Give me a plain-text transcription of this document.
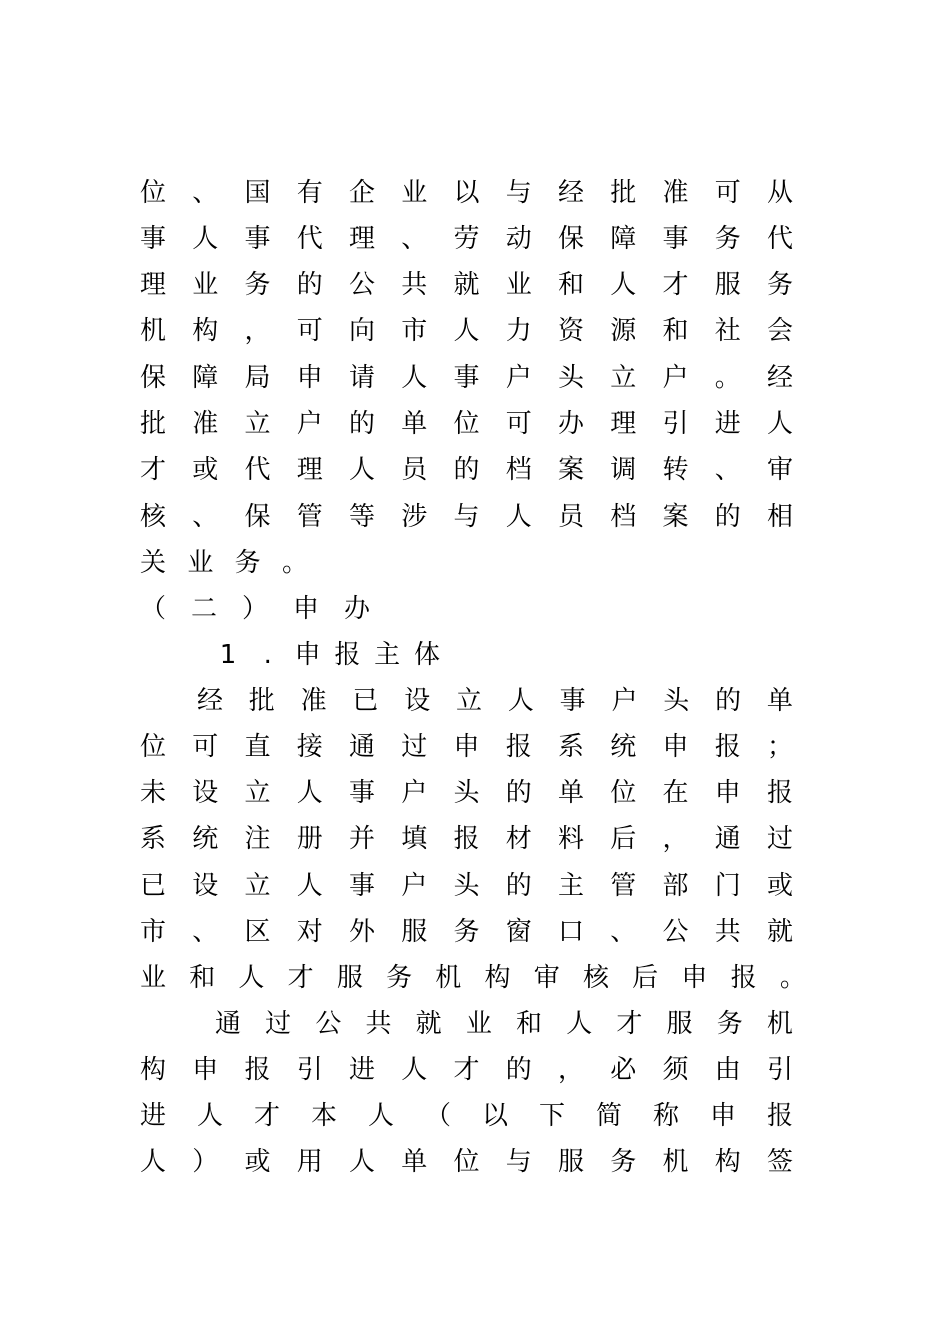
位 、 国 有 企 业 以 与 经 批 准 可 从
事 人 事 代 理 、 劳 动 保 障 事 务 代
理 业 务 的 公 共 就 业 和 人 才 服 务
机 构 ， 可 向 市 人 力 资 源 和 社 会
保 障 局 申 请 人 事 户 头 立 户 。 经
批 准 立 户 的 单 位 可 办 理 引 进 人
才 或 代 理 人 员 的 档 案 调 转 、 审
核 、 保 管 等 涉 与 人 员 档 案 的 相
关 业 务 。
（ 二 ） 申 办
1	. 申 报 主 体
经 批 准 已 设 立 人 事 户 头 的 单
位 可 直 接 通 过 申 报 系 统 申 报 ；
未 设 立 人 事 户 头 的 单 位 在 申 报
系 统 注 册 并 填 报 材 料 后 ， 通 过
已 设 立 人 事 户 头 的 主 管 部 门 或
市 、 区 对 外 服 务 窗 口 、 公 共 就
业 和 人 才 服 务 机 构 审 核 后 申 报 。
通 过 公 共 就 业 和 人 才 服 务 机
构 申 报 引 进 人 才 的 ， 必 须 由 引
进 人 才 本 人 （ 以 下 简 称 申 报
人 ） 或 用 人 单 位 与 服 务 机 构 签
